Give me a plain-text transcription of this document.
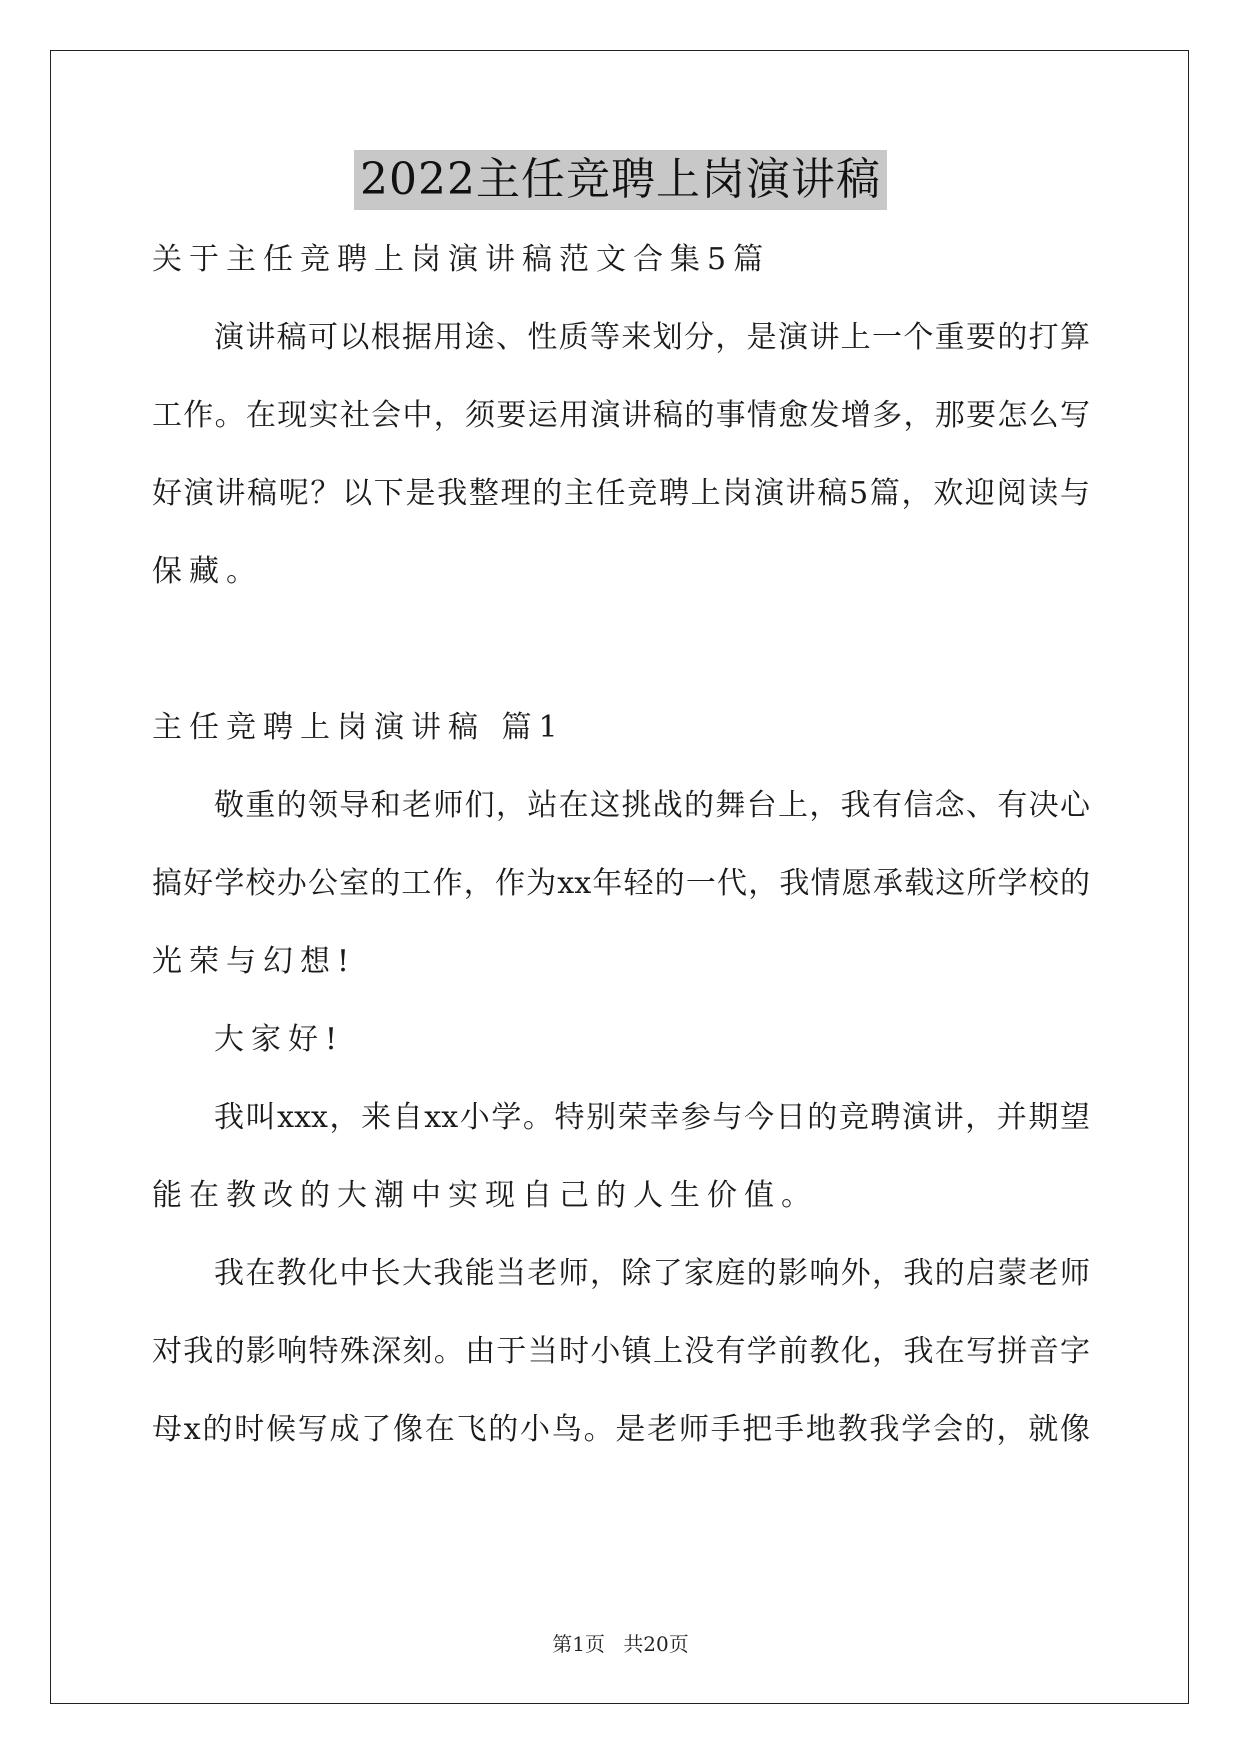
2022主任竞聘上岗演讲稿
关于主任竞聘上岗演讲稿范文合集5篇
演讲稿可以根据用途、性质等来划分，是演讲上一个重要的打算
工作。在现实社会中，须要运用演讲稿的事情愈发增多，那要怎么写
好演讲稿呢？以下是我整理的主任竞聘上岗演讲稿5篇，欢迎阅读与
保藏。
主任竞聘上岗演讲稿 篇1
敬重的领导和老师们，站在这挑战的舞台上，我有信念、有决心
搞好学校办公室的工作，作为xx年轻的一代，我情愿承载这所学校的
光荣与幻想!
大家好!
我叫xxx，来自xx小学。特别荣幸参与今日的竞聘演讲，并期望
能在教改的大潮中实现自己的人生价值。
我在教化中长大我能当老师，除了家庭的影响外，我的启蒙老师
对我的影响特殊深刻。由于当时小镇上没有学前教化，我在写拼音字
母x的时候写成了像在飞的小鸟。是老师手把手地教我学会的，就像
第1页 共20页
